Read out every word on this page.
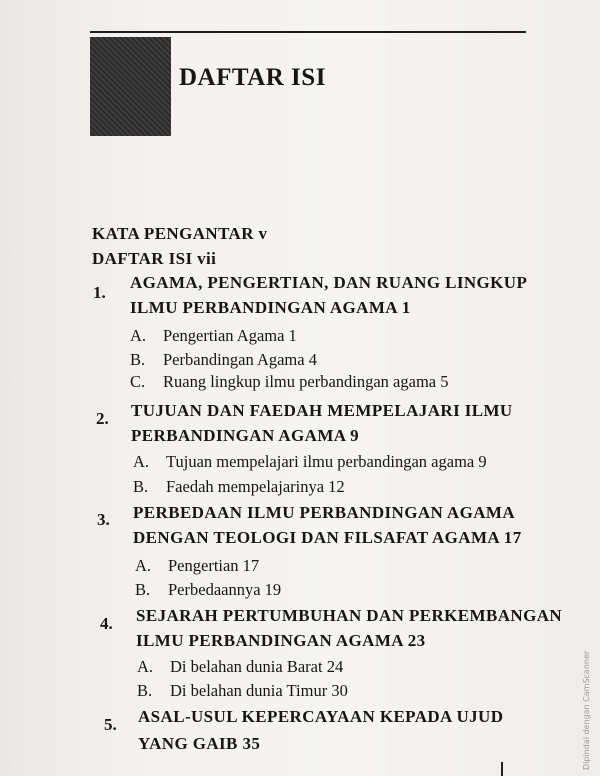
DAFTAR ISI
KATA PENGANTAR v
DAFTAR ISI vii
1.
AGAMA, PENGERTIAN, DAN RUANG LINGKUP
ILMU PERBANDINGAN AGAMA 1
A. Pengertian Agama 1
B. Perbandingan Agama 4
C. Ruang lingkup ilmu perbandingan agama 5
2. TUJUAN DAN FAEDAH MEMPELAJARI ILMU
PERBANDINGAN AGAMA 9
A. Tujuan mempelajari ilmu perbandingan agama 9
B. Faedah mempelajarinya 12
3. PERBEDAAN ILMU PERBANDINGAN AGAMA
DENGAN TEOLOGI DAN FILSAFAT AGAMA 17
A. Pengertian 17
B. Perbedaannya 19
4. SEJARAH PERTUMBUHAN DAN PERKEMBANGAN
ILMU PERBANDINGAN AGAMA 23
A. Di belahan dunia Barat 24
B. Di belahan dunia Timur 30
5. ASAL-USUL KEPERCAYAAN KEPADA UJUD
YANG GAIB 35	Dipindai dengan CamScanner
